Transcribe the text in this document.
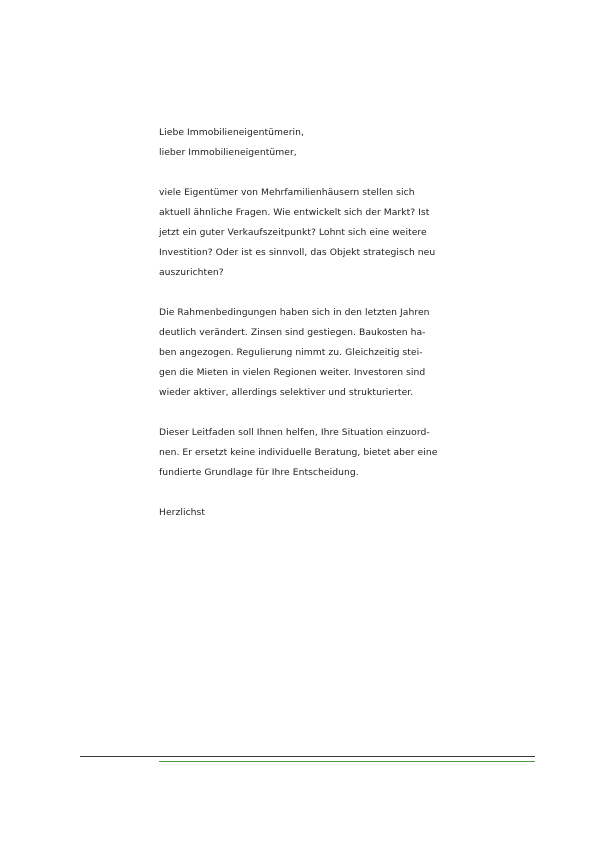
Liebe Immobilieneigentümerin,
lieber Immobilieneigentümer,
viele Eigentümer von Mehrfamilienhäusern stellen sich
aktuell ähnliche Fragen. Wie entwickelt sich der Markt? Ist
jetzt ein guter Verkaufszeitpunkt? Lohnt sich eine weitere
Investition? Oder ist es sinnvoll, das Objekt strategisch neu
auszurichten?
Die Rahmenbedingungen haben sich in den letzten Jahren
deutlich verändert. Zinsen sind gestiegen. Baukosten ha-
ben angezogen. Regulierung nimmt zu. Gleichzeitig stei-
gen die Mieten in vielen Regionen weiter. Investoren sind
wieder aktiver, allerdings selektiver und strukturierter.
Dieser Leitfaden soll Ihnen helfen, Ihre Situation einzuord-
nen. Er ersetzt keine individuelle Beratung, bietet aber eine
fundierte Grundlage für Ihre Entscheidung.
Herzlichst
